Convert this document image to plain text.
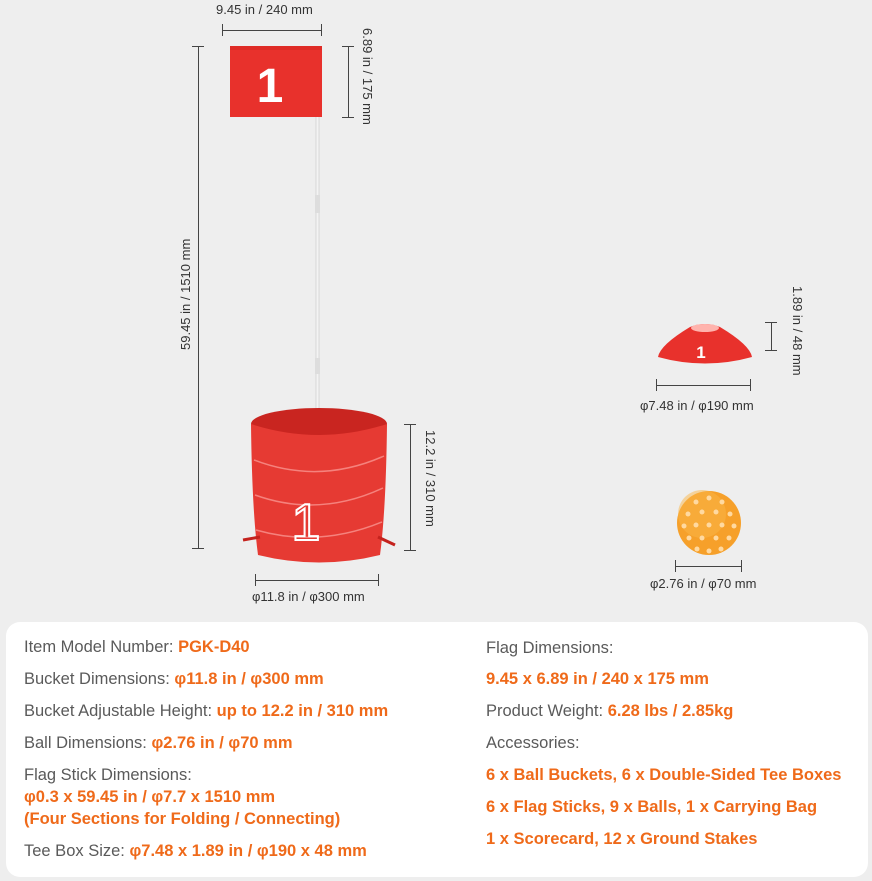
9.45 in / 240 mm
6.89 in / 175 mm
59.45 in / 1510 mm
1
1	12.2 in / 310 mm
φ11.8 in / φ300 mm
1	1.89 in / 48 mm
φ7.48 in / φ190 mm
φ2.76 in / φ70 mm
Item Model Number: PGK-D40
Bucket Dimensions: φ11.8 in / φ300 mm
Bucket Adjustable Height: up to 12.2 in / 310 mm
Ball Dimensions: φ2.76 in / φ70 mm
Flag Stick Dimensions:
φ0.3 x 59.45 in / φ7.7 x 1510 mm
(Four Sections for Folding / Connecting)
Tee Box Size: φ7.48 x 1.89 in / φ190 x 48 mm
Flag Dimensions:
9.45 x 6.89 in / 240 x 175 mm
Product Weight: 6.28 lbs / 2.85kg
Accessories:
6 x Ball Buckets, 6 x Double-Sided Tee Boxes
6 x Flag Sticks, 9 x Balls, 1 x Carrying Bag
1 x Scorecard, 12 x Ground Stakes
